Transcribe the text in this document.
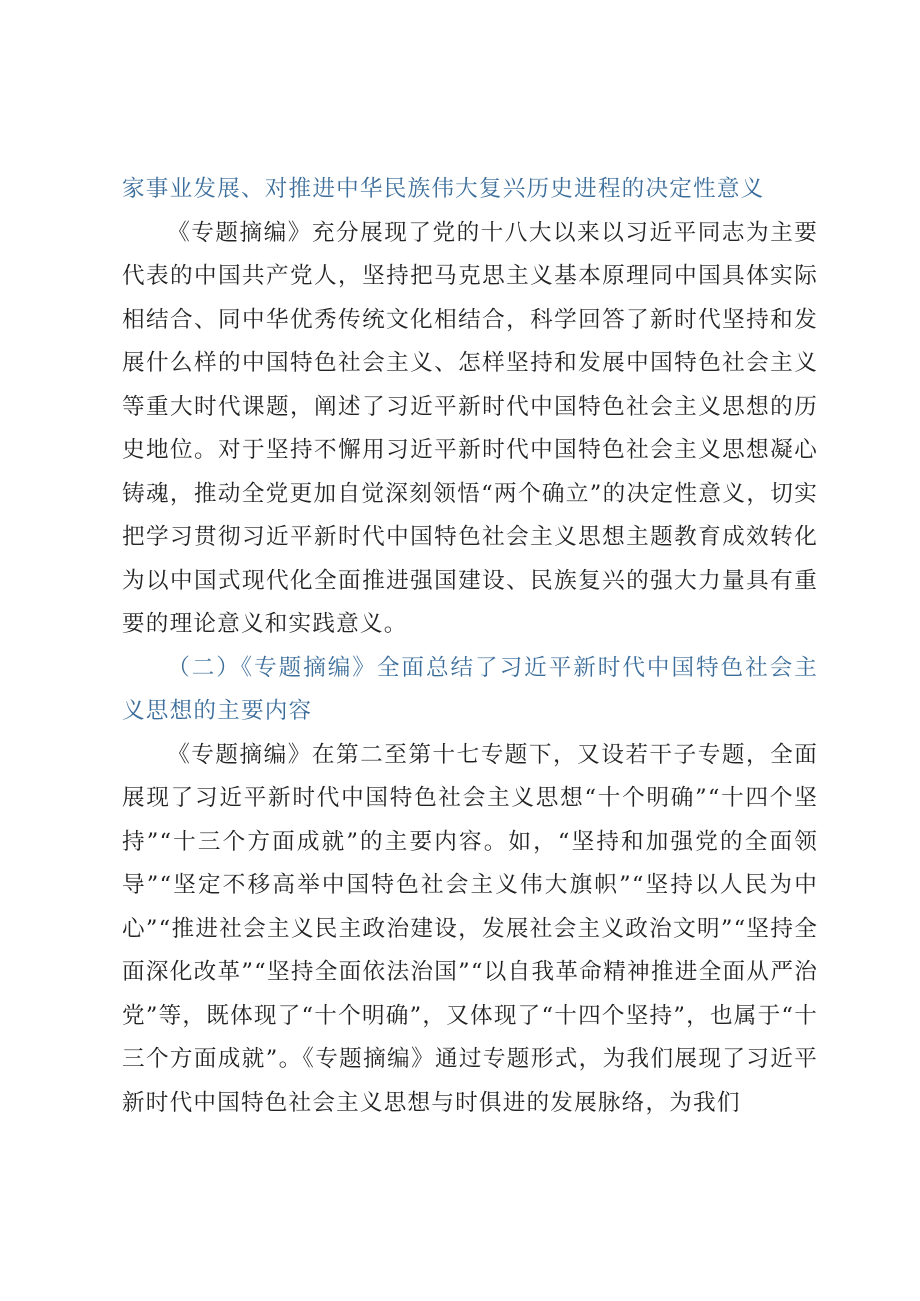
家事业发展、对推进中华民族伟大复兴历史进程的决定性意义

《专题摘编》充分展现了党的十八大以来以习近平同志为主要代表的中国共产党人，坚持把马克思主义基本原理同中国具体实际相结合、同中华优秀传统文化相结合，科学回答了新时代坚持和发展什么样的中国特色社会主义、怎样坚持和发展中国特色社会主义等重大时代课题，阐述了习近平新时代中国特色社会主义思想的历史地位。对于坚持不懈用习近平新时代中国特色社会主义思想凝心铸魂，推动全党更加自觉深刻领悟“两个确立”的决定性意义，切实把学习贯彻习近平新时代中国特色社会主义思想主题教育成效转化为以中国式现代化全面推进强国建设、民族复兴的强大力量具有重要的理论意义和实践意义。

（二）《专题摘编》全面总结了习近平新时代中国特色社会主义思想的主要内容

《专题摘编》在第二至第十七专题下，又设若干子专题，全面展现了习近平新时代中国特色社会主义思想“十个明确”“十四个坚持”“十三个方面成就”的主要内容。如，“坚持和加强党的全面领导”“坚定不移高举中国特色社会主义伟大旗帜”“坚持以人民为中心”“推进社会主义民主政治建设，发展社会主义政治文明”“坚持全面深化改革”“坚持全面依法治国”“以自我革命精神推进全面从严治党”等，既体现了“十个明确”，又体现了“十四个坚持”，也属于“十三个方面成就”。《专题摘编》通过专题形式，为我们展现了习近平新时代中国特色社会主义思想与时俱进的发展脉络，为我们
